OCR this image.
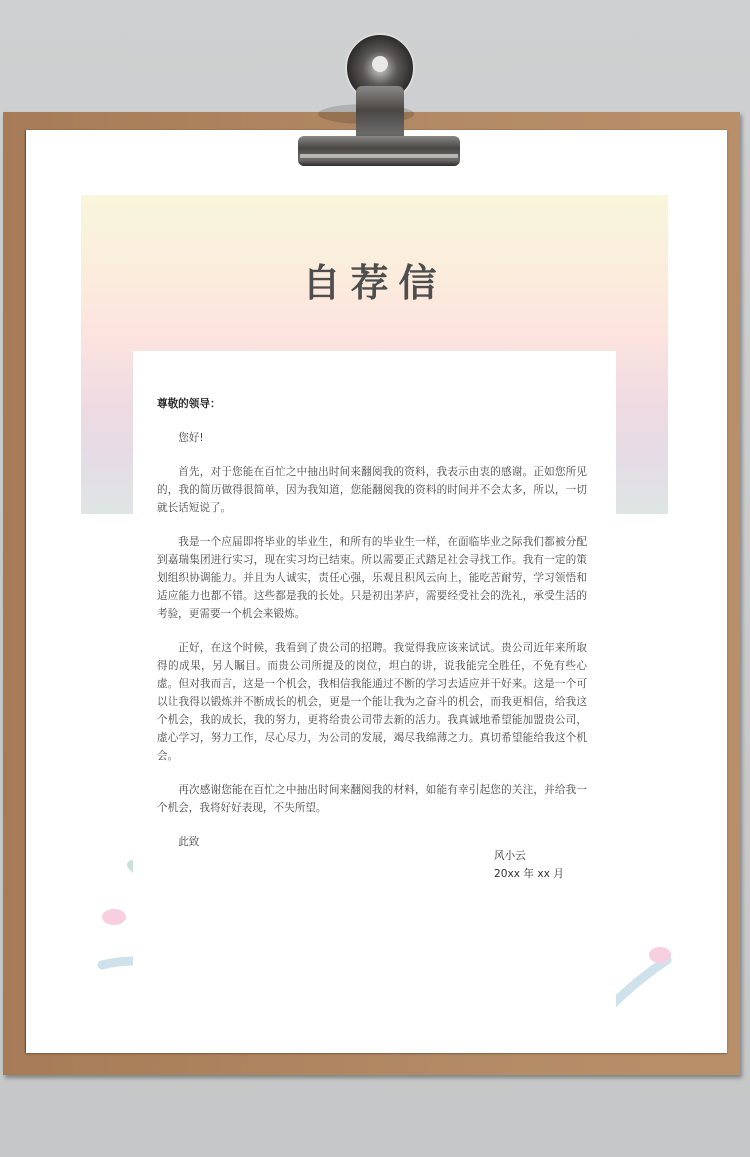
自荐信
尊敬的领导：

您好!

首先，对于您能在百忙之中抽出时间来翻阅我的资料，我表示由衷的感谢。正如您所见的，我的简历做得很简单，因为我知道，您能翻阅我的资料的时间并不会太多，所以，一切就长话短说了。

我是一个应届即将毕业的毕业生，和所有的毕业生一样，在面临毕业之际我们都被分配到嘉瑞集团进行实习，现在实习均已结束。所以需要正式踏足社会寻找工作。我有一定的策划组织协调能力。并且为人诚实，责任心强，乐观且积风云向上，能吃苦耐劳，学习领悟和适应能力也都不错。这些都是我的长处。只是初出茅庐，需要经受社会的洗礼，承受生活的考验，更需要一个机会来锻炼。

正好，在这个时候，我看到了贵公司的招聘。我觉得我应该来试试。贵公司近年来所取得的成果，另人瞩目。而贵公司所提及的岗位，坦白的讲，说我能完全胜任，不免有些心虚。但对我而言，这是一个机会，我相信我能通过不断的学习去适应并干好来。这是一个可以让我得以锻炼并不断成长的机会，更是一个能让我为之奋斗的机会，而我更相信，给我这个机会，我的成长，我的努力，更将给贵公司带去新的活力。我真诚地希望能加盟贵公司，虚心学习，努力工作，尽心尽力，为公司的发展，竭尽我绵薄之力。真切希望能给我这个机会。

再次感谢您能在百忙之中抽出时间来翻阅我的材料，如能有幸引起您的关注，并给我一个机会，我将好好表现，不失所望。

此致

风小云
20xx 年 xx 月
